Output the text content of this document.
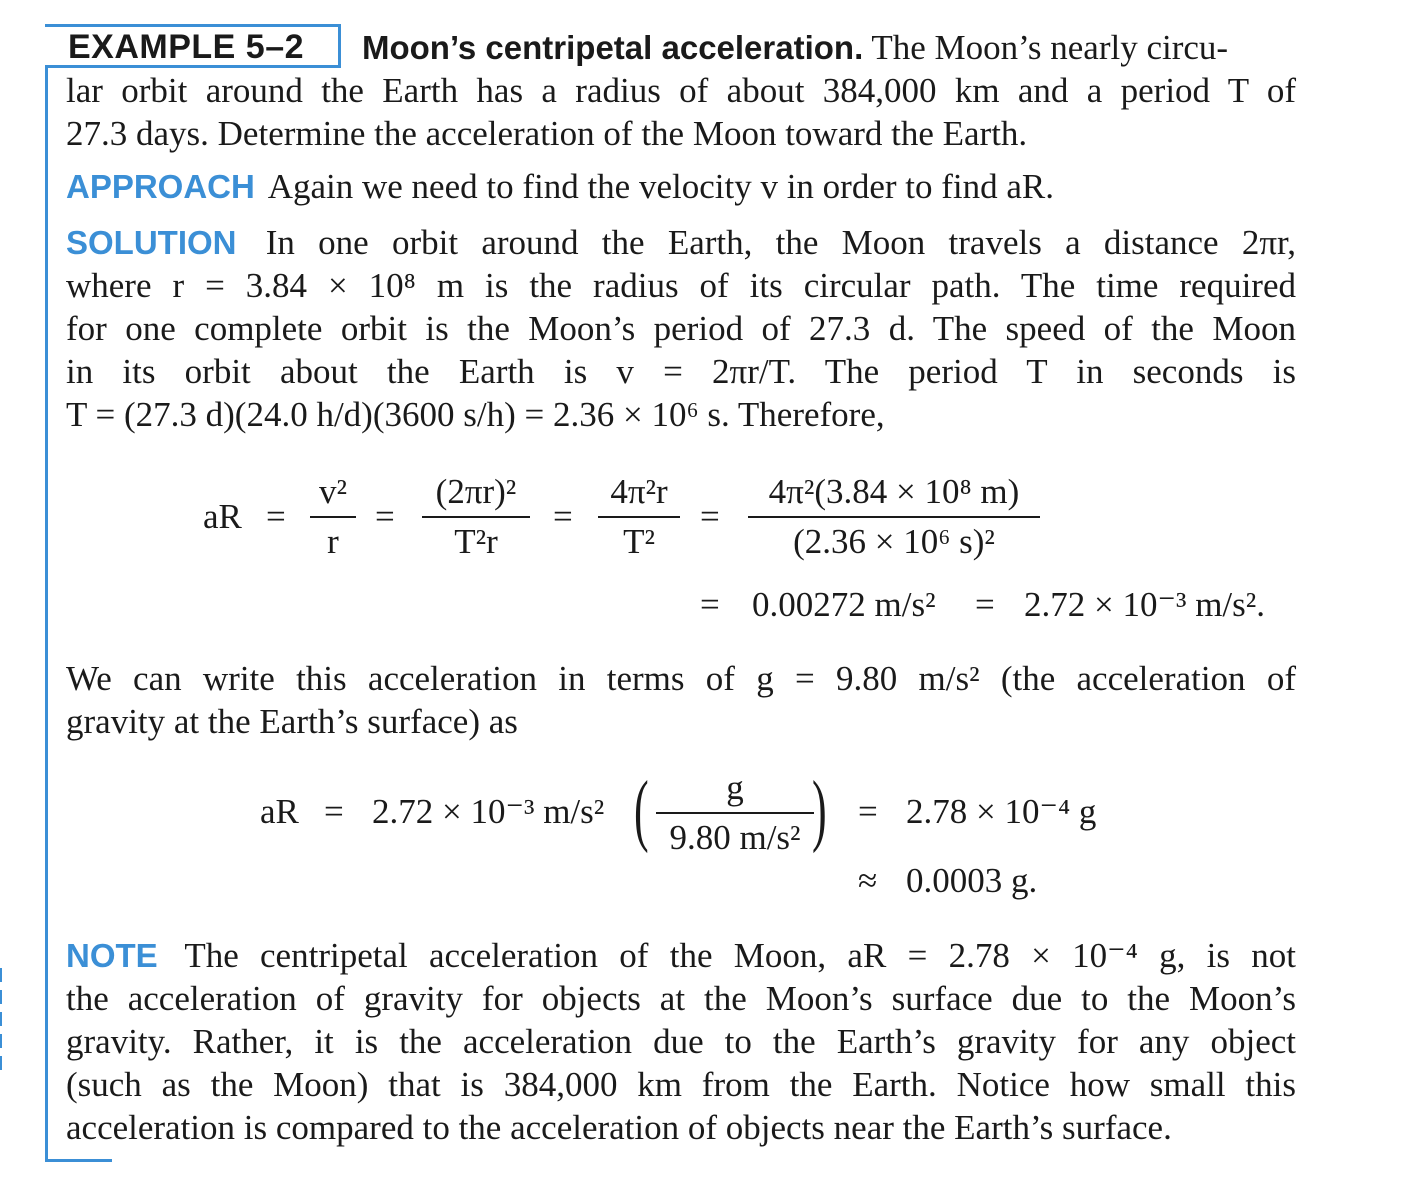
EXAMPLE 5–2 Moon’s centripetal acceleration. The Moon’s nearly circu-
lar orbit around the Earth has a radius of about 384,000 km and a period T of
27.3 days. Determine the acceleration of the Moon toward the Earth.
APPROACH Again we need to find the velocity v in order to find aR.
SOLUTION In one orbit around the Earth, the Moon travels a distance 2πr,
where r = 3.84 × 10⁸ m is the radius of its circular path. The time required
for one complete orbit is the Moon’s period of 27.3 d. The speed of the Moon
in its orbit about the Earth is v = 2πr/T. The period T in seconds is
T = (27.3 d)(24.0 h/d)(3600 s/h) = 2.36 × 10⁶ s. Therefore,
aR =
v²
r
=
(2πr)²
T²r
=
4π²r
T²
=
4π²(3.84 × 10⁸ m)
(2.36 × 10⁶ s)²
= 0.00272 m/s² = 2.72 × 10⁻³ m/s².
We can write this acceleration in terms of g = 9.80 m/s² (the acceleration of
gravity at the Earth’s surface) as
aR = 2.72 × 10⁻³ m/s² (	g
9.80 m/s² ) = 2.78 × 10⁻⁴ g
≈ 0.0003 g.
NOTE The centripetal acceleration of the Moon, aR = 2.78 × 10⁻⁴ g, is not
the acceleration of gravity for objects at the Moon’s surface due to the Moon’s
gravity. Rather, it is the acceleration due to the Earth’s gravity for any object
(such as the Moon) that is 384,000 km from the Earth. Notice how small this
acceleration is compared to the acceleration of objects near the Earth’s surface.
